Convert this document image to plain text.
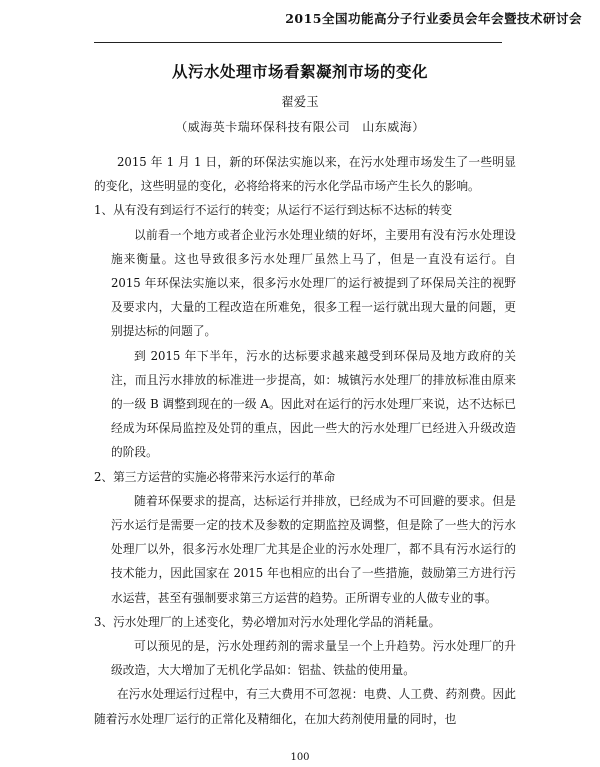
2015全国功能高分子行业委员会年会暨技术研讨会
从污水处理市场看絮凝剂市场的变化
翟爱玉
（威海英卡瑞环保科技有限公司 山东威海）

2015 年 1 月 1 日，新的环保法实施以来，在污水处理市场发生了一些明显的变化，这些明显的变化，必将给将来的污水化学品市场产生长久的影响。

1、从有没有到运行不运行的转变；从运行不运行到达标不达标的转变

以前看一个地方或者企业污水处理业绩的好坏，主要用有没有污水处理设施来衡量。这也导致很多污水处理厂虽然上马了，但是一直没有运行。自 2015 年环保法实施以来，很多污水处理厂的运行被提到了环保局关注的视野及要求内，大量的工程改造在所难免，很多工程一运行就出现大量的问题，更别提达标的问题了。

到 2015 年下半年，污水的达标要求越来越受到环保局及地方政府的关注，而且污水排放的标准进一步提高，如：城镇污水处理厂的排放标准由原来的一级 B 调整到现在的一级 A。因此对在运行的污水处理厂来说，达不达标已经成为环保局监控及处罚的重点，因此一些大的污水处理厂已经进入升级改造的阶段。

2、第三方运营的实施必将带来污水运行的革命

随着环保要求的提高，达标运行并排放，已经成为不可回避的要求。但是污水运行是需要一定的技术及参数的定期监控及调整，但是除了一些大的污水处理厂以外，很多污水处理厂尤其是企业的污水处理厂，都不具有污水运行的技术能力，因此国家在 2015 年也相应的出台了一些措施，鼓励第三方进行污水运营，甚至有强制要求第三方运营的趋势。正所谓专业的人做专业的事。

3、污水处理厂的上述变化，势必增加对污水处理化学品的消耗量。

可以预见的是，污水处理药剂的需求量呈一个上升趋势。污水处理厂的升级改造，大大增加了无机化学品如：铝盐、铁盐的使用量。

在污水处理运行过程中，有三大费用不可忽视：电费、人工费、药剂费。因此随着污水处理厂运行的正常化及精细化，在加大药剂使用量的同时，也

100
